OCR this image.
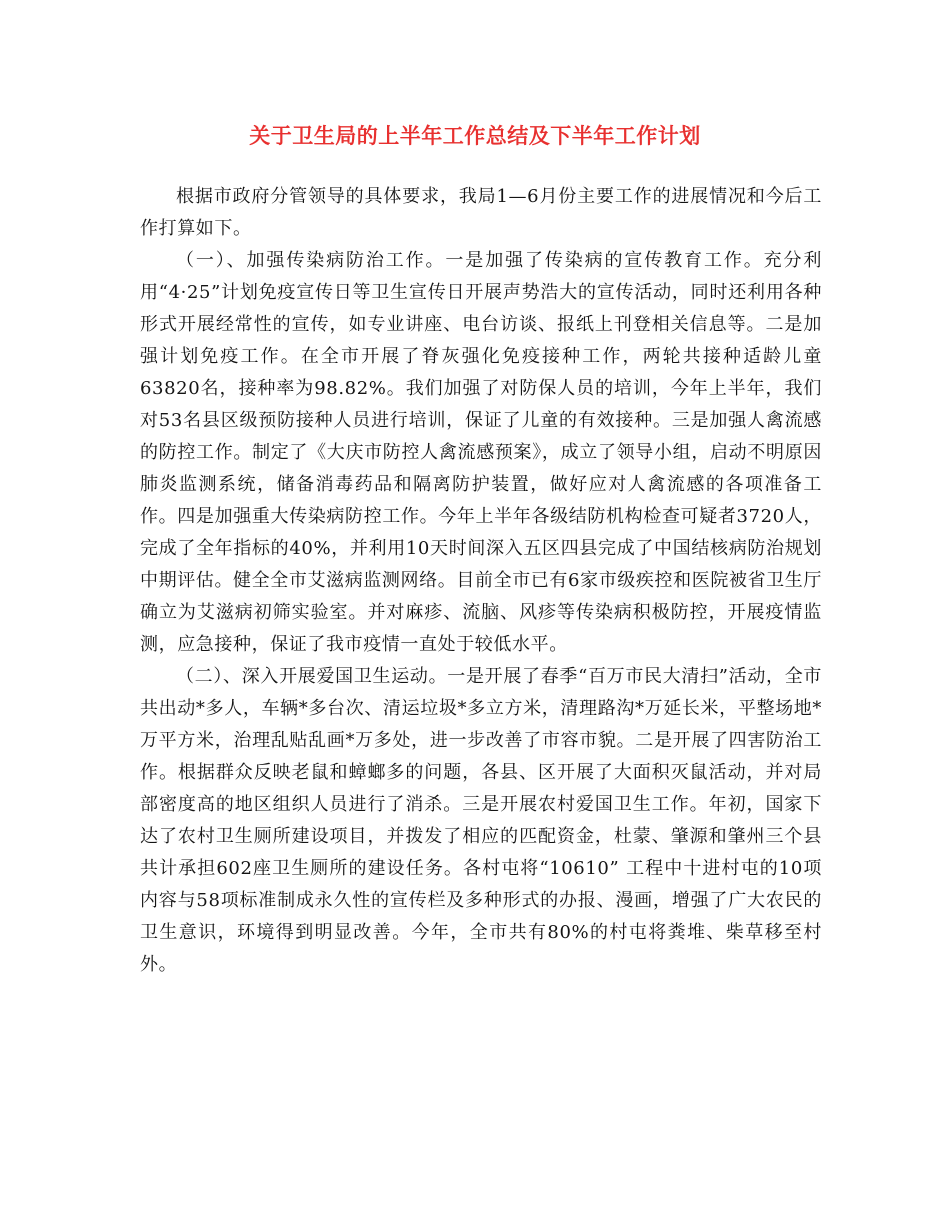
关于卫生局的上半年工作总结及下半年工作计划

根据市政府分管领导的具体要求，我局1—6月份主要工作的进展情况和今后工作打算如下。

（一）、加强传染病防治工作。一是加强了传染病的宣传教育工作。充分利用“4·25”计划免疫宣传日等卫生宣传日开展声势浩大的宣传活动，同时还利用各种形式开展经常性的宣传，如专业讲座、电台访谈、报纸上刊登相关信息等。二是加强计划免疫工作。在全市开展了脊灰强化免疫接种工作，两轮共接种适龄儿童63820名，接种率为98.82%。我们加强了对防保人员的培训，今年上半年，我们对53名县区级预防接种人员进行培训，保证了儿童的有效接种。三是加强人禽流感的防控工作。制定了《大庆市防控人禽流感预案》，成立了领导小组，启动不明原因肺炎监测系统，储备消毒药品和隔离防护装置，做好应对人禽流感的各项准备工作。四是加强重大传染病防控工作。今年上半年各级结防机构检查可疑者3720人，完成了全年指标的40%，并利用10天时间深入五区四县完成了中国结核病防治规划中期评估。健全全市艾滋病监测网络。目前全市已有6家市级疾控和医院被省卫生厅确立为艾滋病初筛实验室。并对麻疹、流脑、风疹等传染病积极防控，开展疫情监测，应急接种，保证了我市疫情一直处于较低水平。

（二）、深入开展爱国卫生运动。一是开展了春季“百万市民大清扫”活动，全市共出动*多人，车辆*多台次、清运垃圾*多立方米，清理路沟*万延长米，平整场地*万平方米，治理乱贴乱画*万多处，进一步改善了市容市貌。二是开展了四害防治工作。根据群众反映老鼠和蟑螂多的问题，各县、区开展了大面积灭鼠活动，并对局部密度高的地区组织人员进行了消杀。三是开展农村爱国卫生工作。年初，国家下达了农村卫生厕所建设项目，并拨发了相应的匹配资金，杜蒙、肇源和肇州三个县共计承担602座卫生厕所的建设任务。各村屯将“10610” 工程中十进村屯的10项内容与58项标准制成永久性的宣传栏及多种形式的办报、漫画，增强了广大农民的卫生意识，环境得到明显改善。今年，全市共有80%的村屯将粪堆、柴草移至村外。
